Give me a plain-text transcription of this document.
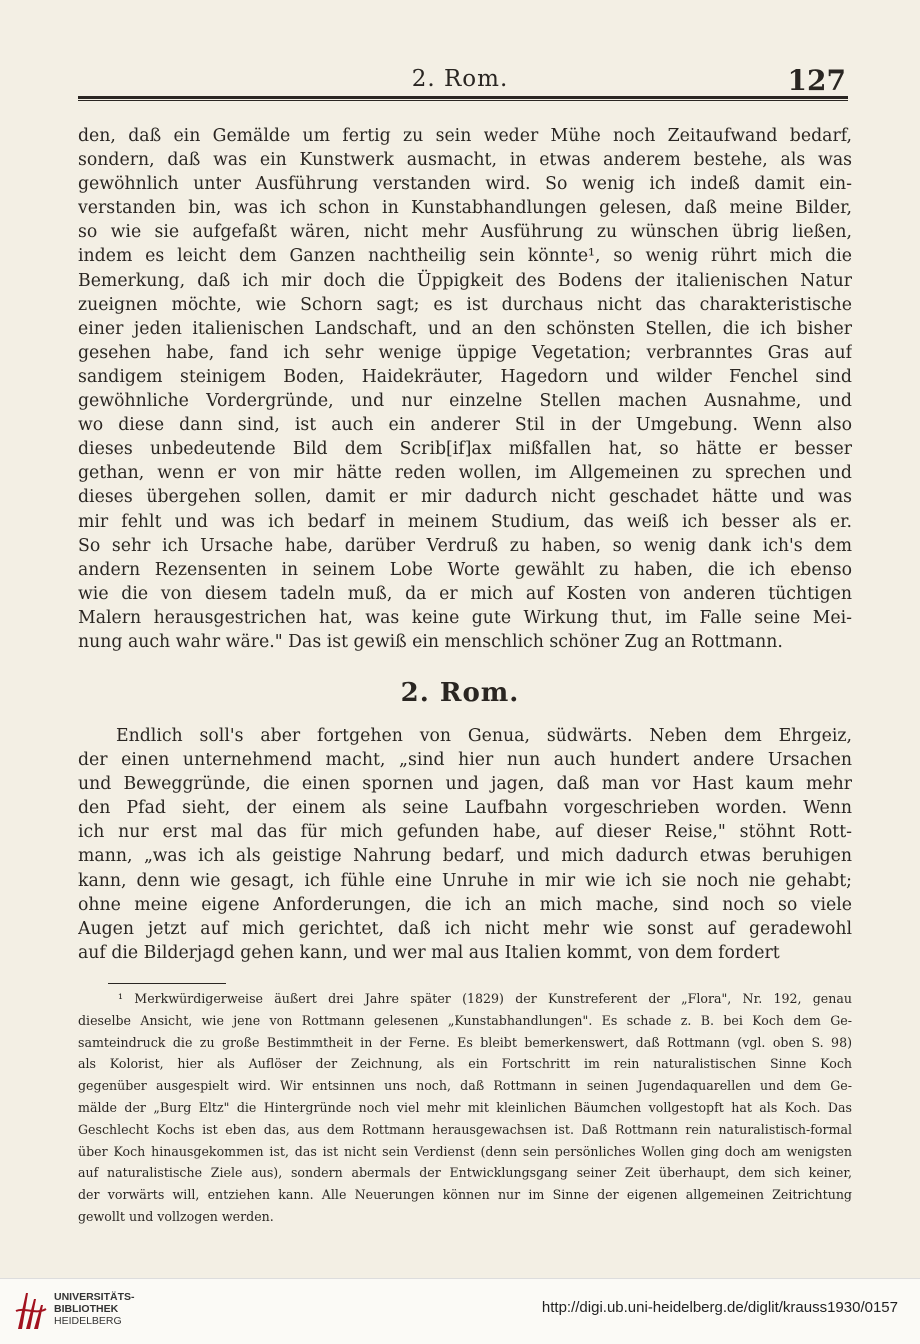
2. Rom.	127
den, daß ein Gemälde um fertig zu sein weder Mühe noch Zeitaufwand bedarf,
sondern, daß was ein Kunstwerk ausmacht, in etwas anderem bestehe, als was
gewöhnlich unter Ausführung verstanden wird. So wenig ich indeß damit ein-
verstanden bin, was ich schon in Kunstabhandlungen gelesen, daß meine Bilder,
so wie sie aufgefaßt wären, nicht mehr Ausführung zu wünschen übrig ließen,
indem es leicht dem Ganzen nachtheilig sein könnte¹, so wenig rührt mich die
Bemerkung, daß ich mir doch die Üppigkeit des Bodens der italienischen Natur
zueignen möchte, wie Schorn sagt; es ist durchaus nicht das charakteristische
einer jeden italienischen Landschaft, und an den schönsten Stellen, die ich bisher
gesehen habe, fand ich sehr wenige üppige Vegetation; verbranntes Gras auf
sandigem steinigem Boden, Haidekräuter, Hagedorn und wilder Fenchel sind
gewöhnliche Vordergründe, und nur einzelne Stellen machen Ausnahme, und
wo diese dann sind, ist auch ein anderer Stil in der Umgebung. Wenn also
dieses unbedeutende Bild dem Scrib[if]ax mißfallen hat, so hätte er besser
gethan, wenn er von mir hätte reden wollen, im Allgemeinen zu sprechen und
dieses übergehen sollen, damit er mir dadurch nicht geschadet hätte und was
mir fehlt und was ich bedarf in meinem Studium, das weiß ich besser als er.
So sehr ich Ursache habe, darüber Verdruß zu haben, so wenig dank ich's dem
andern Rezensenten in seinem Lobe Worte gewählt zu haben, die ich ebenso
wie die von diesem tadeln muß, da er mich auf Kosten von anderen tüchtigen
Malern herausgestrichen hat, was keine gute Wirkung thut, im Falle seine Mei-
nung auch wahr wäre." Das ist gewiß ein menschlich schöner Zug an Rottmann.
2. Rom.
Endlich soll's aber fortgehen von Genua, südwärts. Neben dem Ehrgeiz,
der einen unternehmend macht, „sind hier nun auch hundert andere Ursachen
und Beweggründe, die einen spornen und jagen, daß man vor Hast kaum mehr
den Pfad sieht, der einem als seine Laufbahn vorgeschrieben worden. Wenn
ich nur erst mal das für mich gefunden habe, auf dieser Reise," stöhnt Rott-
mann, „was ich als geistige Nahrung bedarf, und mich dadurch etwas beruhigen
kann, denn wie gesagt, ich fühle eine Unruhe in mir wie ich sie noch nie gehabt;
ohne meine eigene Anforderungen, die ich an mich mache, sind noch so viele
Augen jetzt auf mich gerichtet, daß ich nicht mehr wie sonst auf geradewohl
auf die Bilderjagd gehen kann, und wer mal aus Italien kommt, von dem fordert
¹ Merkwürdigerweise äußert drei Jahre später (1829) der Kunstreferent der „Flora", Nr. 192, genau
dieselbe Ansicht, wie jene von Rottmann gelesenen „Kunstabhandlungen". Es schade z. B. bei Koch dem Ge-
samteindruck die zu große Bestimmtheit in der Ferne. Es bleibt bemerkenswert, daß Rottmann (vgl. oben S. 98)
als Kolorist, hier als Auflöser der Zeichnung, als ein Fortschritt im rein naturalistischen Sinne Koch
gegenüber ausgespielt wird. Wir entsinnen uns noch, daß Rottmann in seinen Jugendaquarellen und dem Ge-
mälde der „Burg Eltz" die Hintergründe noch viel mehr mit kleinlichen Bäumchen vollgestopft hat als Koch. Das
Geschlecht Kochs ist eben das, aus dem Rottmann herausgewachsen ist. Daß Rottmann rein naturalistisch-formal
über Koch hinausgekommen ist, das ist nicht sein Verdienst (denn sein persönliches Wollen ging doch am wenigsten
auf naturalistische Ziele aus), sondern abermals der Entwicklungsgang seiner Zeit überhaupt, dem sich keiner,
der vorwärts will, entziehen kann. Alle Neuerungen können nur im Sinne der eigenen allgemeinen Zeitrichtung
gewollt und vollzogen werden.
UNIVERSITÄTS-
BIBLIOTHEK
HEIDELBERG
http://digi.ub.uni-heidelberg.de/diglit/krauss1930/0157
